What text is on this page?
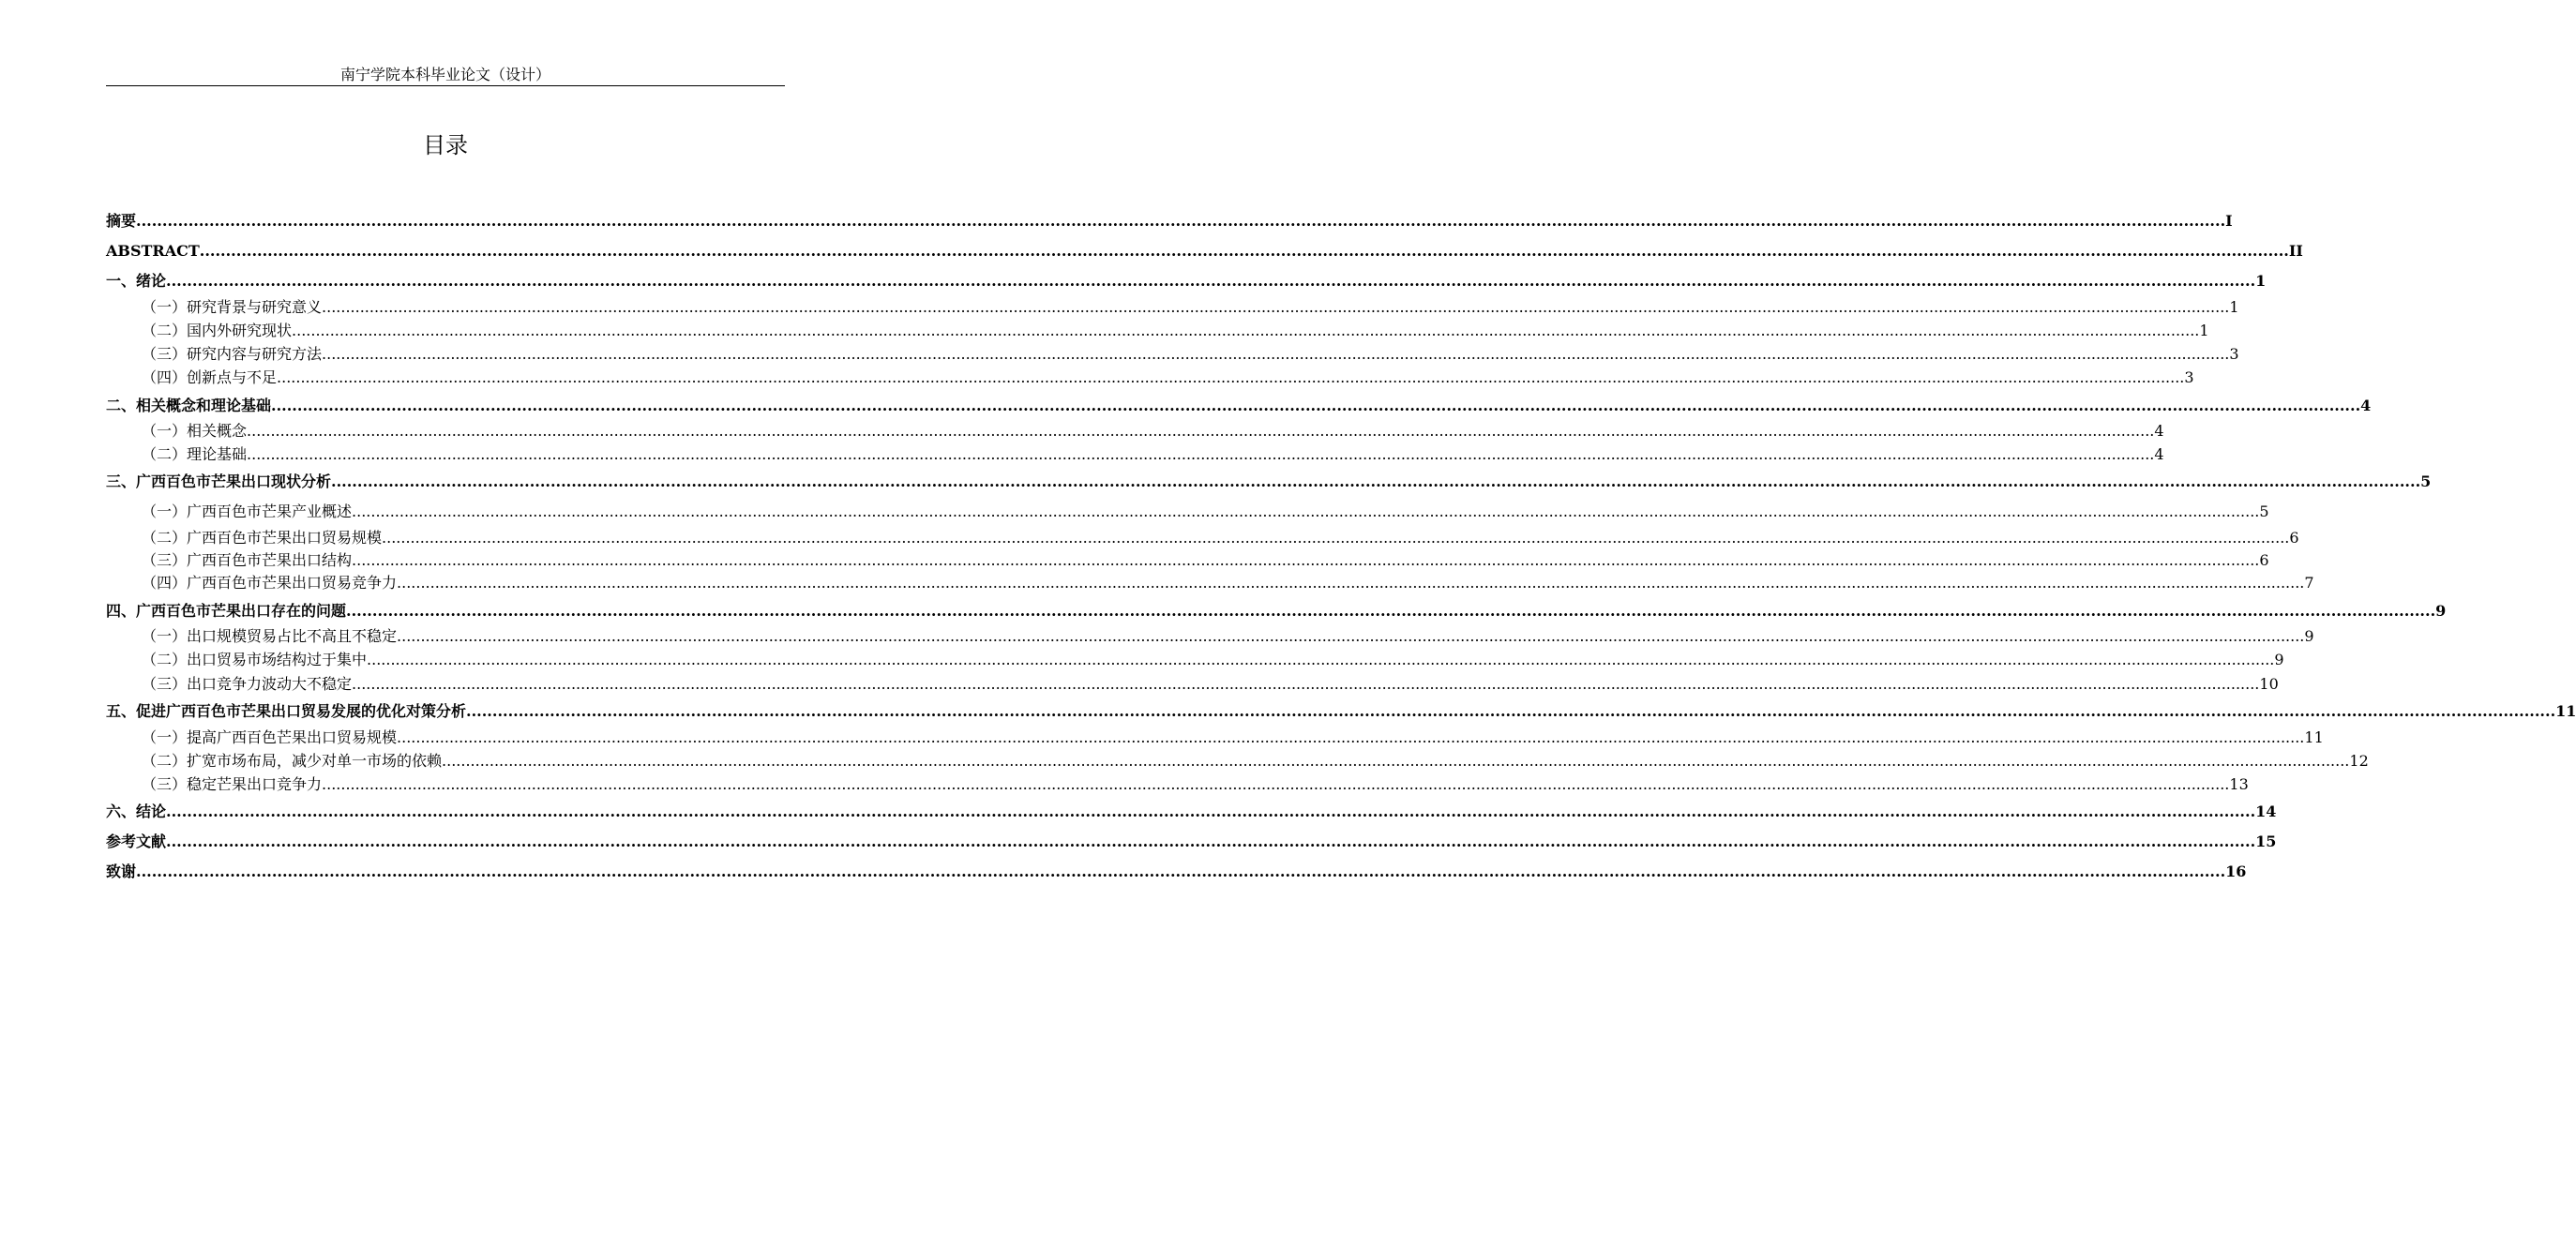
南宁学院本科毕业论文（设计）
目录
摘要 ................................................................................................................................................................................................................................................................................................................................................................................................................ I
ABSTRACT ................................................................................................................................................................................................................................................................................................................................................................................................................ II
一、绪论 ................................................................................................................................................................................................................................................................................................................................................................................................................ 1
（一）研究背景与研究意义 ................................................................................................................................................................................................................................................................................................................................................................................................................ 1
（二）国内外研究现状 ................................................................................................................................................................................................................................................................................................................................................................................................................ 1
（三）研究内容与研究方法 ................................................................................................................................................................................................................................................................................................................................................................................................................ 3
（四）创新点与不足 ................................................................................................................................................................................................................................................................................................................................................................................................................ 3
二、相关概念和理论基础 ................................................................................................................................................................................................................................................................................................................................................................................................................ 4
（一）相关概念 ................................................................................................................................................................................................................................................................................................................................................................................................................ 4
（二）理论基础 ................................................................................................................................................................................................................................................................................................................................................................................................................ 4
三、广西百色市芒果出口现状分析 ................................................................................................................................................................................................................................................................................................................................................................................................................ 5
（一）广西百色市芒果产业概述 ................................................................................................................................................................................................................................................................................................................................................................................................................ 5
（二）广西百色市芒果出口贸易规模 ................................................................................................................................................................................................................................................................................................................................................................................................................ 6
（三）广西百色市芒果出口结构 ................................................................................................................................................................................................................................................................................................................................................................................................................ 6
（四）广西百色市芒果出口贸易竞争力 ................................................................................................................................................................................................................................................................................................................................................................................................................ 7
四、广西百色市芒果出口存在的问题 ................................................................................................................................................................................................................................................................................................................................................................................................................ 9
（一）出口规模贸易占比不高且不稳定 ................................................................................................................................................................................................................................................................................................................................................................................................................ 9
（二）出口贸易市场结构过于集中 ................................................................................................................................................................................................................................................................................................................................................................................................................ 9
（三）出口竞争力波动大不稳定 ................................................................................................................................................................................................................................................................................................................................................................................................................ 10
五、促进广西百色市芒果出口贸易发展的优化对策分析 ................................................................................................................................................................................................................................................................................................................................................................................................................ 11
（一）提高广西百色芒果出口贸易规模 ................................................................................................................................................................................................................................................................................................................................................................................................................ 11
（二）扩宽市场布局，减少对单一市场的依赖 ................................................................................................................................................................................................................................................................................................................................................................................................................ 12
（三）稳定芒果出口竞争力 ................................................................................................................................................................................................................................................................................................................................................................................................................ 13
六、结论 ................................................................................................................................................................................................................................................................................................................................................................................................................ 14
参考文献 ................................................................................................................................................................................................................................................................................................................................................................................................................ 15
致谢 ................................................................................................................................................................................................................................................................................................................................................................................................................ 16
